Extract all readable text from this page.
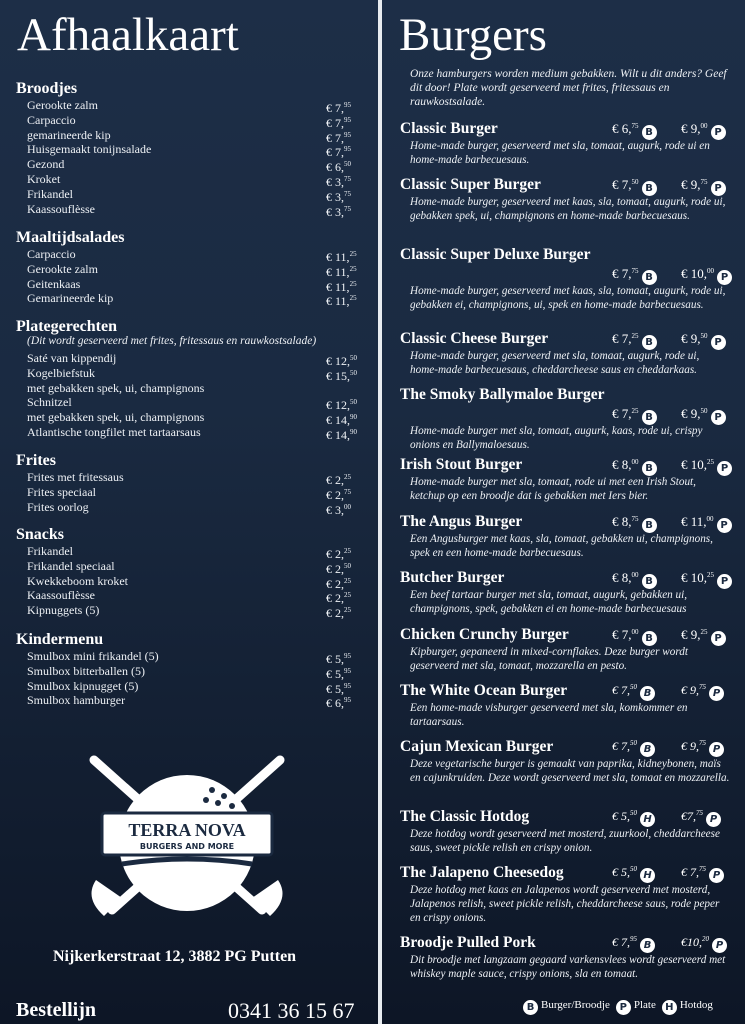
Afhaalkaart
Broodjes
Gerookte zalm	€ 7,95
Carpaccio	€ 7,95
gemarineerde kip	€ 7,95
Huisgemaakt tonijnsalade	€ 7,95
Gezond	€ 6,50
Kroket	€ 3,75
Frikandel	€ 3,75
Kaassouflèsse	€ 3,75
Maaltijdsalades
Carpaccio	€ 11,25
Gerookte zalm	€ 11,25
Geitenkaas	€ 11,25
Gemarineerde kip	€ 11,25
Plategerechten
(Dit wordt geserveerd met frites, fritessaus en rauwkostsalade)
Saté van kippendij	€ 12,50
Kogelbiefstuk	€ 15,50
met gebakken spek, ui, champignons
Schnitzel	€ 12,50
met gebakken spek, ui, champignons	€ 14,90
Atlantische tongfilet met tartaarsaus	€ 14,90
Frites
Frites met fritessaus	€ 2,25
Frites speciaal	€ 2,75
Frites oorlog	€ 3,00
Snacks
Frikandel	€ 2,25
Frikandel speciaal	€ 2,50
Kwekkeboom kroket	€ 2,25
Kaassouflèsse	€ 2,25
Kipnuggets (5)	€ 2,25
Kindermenu
Smulbox mini frikandel (5)	€ 5,95
Smulbox bitterballen (5)	€ 5,95
Smulbox kipnugget (5)	€ 5,95
Smulbox hamburger	€ 6,95
TERRA NOVA
BURGERS AND MORE
Nijkerkerstraat 12, 3882 PG Putten
Bestellijn	0341 36 15 67
Burgers
Onze hamburgers worden medium gebakken. Wilt u dit anders? Geef dit door! Plate wordt geserveerd met frites, fritessaus en rauwkostsalade.
Classic Burger	€ 6,75B € 9,00P
Home-made burger, geserveerd met sla, tomaat, augurk, rode ui en home-made barbecuesaus.
Classic Super Burger	€ 7,50B € 9,75P
Home-made burger, geserveerd met kaas, sla, tomaat, augurk, rode ui, gebakken spek, ui, champignons en home-made barbecuesaus.
Classic Super Deluxe Burger
€ 7,75B € 10,00P
Home-made burger, geserveerd met kaas, sla, tomaat, augurk, rode ui, gebakken ei, champignons, ui, spek en home-made barbecuesaus.
Classic Cheese Burger	€ 7,25B € 9,50P
Home-made burger, geserveerd met sla, tomaat, augurk, rode ui, home-made barbecuesaus, cheddarcheese saus en cheddarkaas.
The Smoky Ballymaloe Burger
€ 7,25B € 9,50P
Home-made burger met sla, tomaat, augurk, kaas, rode ui, crispy onions en Ballymaloesaus.
Irish Stout Burger	€ 8,00B € 10,25P
Home-made burger met sla, tomaat, rode ui met een Irish Stout, ketchup op een broodje dat is gebakken met Iers bier.
The Angus Burger	€ 8,75B € 11,00P
Een Angusburger met kaas, sla, tomaat, gebakken ui, champignons, spek en een home-made barbecuesaus.
Butcher Burger	€ 8,00B € 10,25P
Een beef tartaar burger met sla, tomaat, augurk, gebakken ui, champignons, spek, gebakken ei en home-made barbecuesaus
Chicken Crunchy Burger	€ 7,00B € 9,25P
Kipburger, gepaneerd in mixed-cornflakes. Deze burger wordt geserveerd met sla, tomaat, mozzarella en pesto.
The White Ocean Burger	€ 7,50B	€ 9,75P
Een home-made visburger geserveerd met sla, komkommer en tartaarsaus.
Cajun Mexican Burger	€ 7,50B	€ 9,75P
Deze vegetarische burger is gemaakt van paprika, kidneybonen, maïs en cajunkruiden. Deze wordt geserveerd met sla, tomaat en mozzarella.
The Classic Hotdog	€ 5,50H €7,75P
Deze hotdog wordt geserveerd met mosterd, zuurkool, cheddarcheese saus, sweet pickle relish en crispy onion.
The Jalapeno Cheesedog	€ 5,50H € 7,75P
Deze hotdog met kaas en Jalapenos wordt geserveerd met mosterd, Jalapenos relish, sweet pickle relish, cheddarcheese saus, rode peper en crispy onions.
Broodje Pulled Pork	€ 7,95B	€10,20P
Dit broodje met langzaam gegaard varkensvlees wordt geserveerd met whiskey maple sauce, crispy onions, sla en tomaat.
B Burger/Broodje P Plate H Hotdog
